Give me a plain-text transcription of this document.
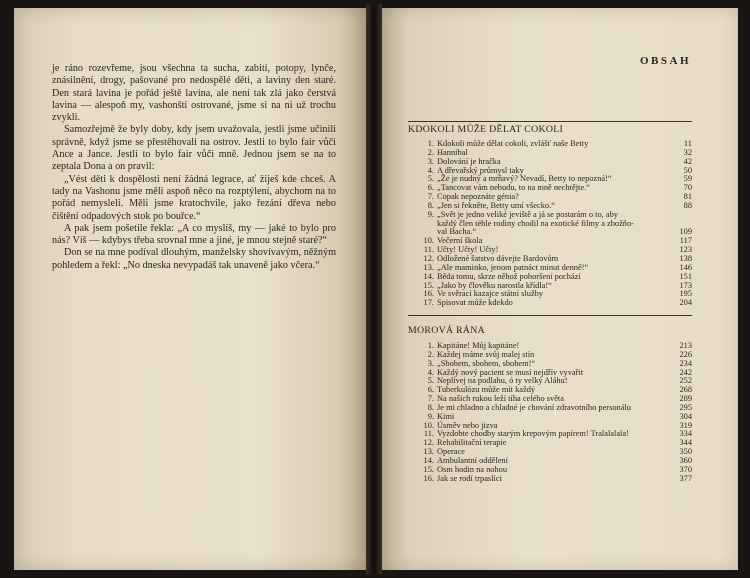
je ráno rozevřeme, jsou všechna ta sucha, zabití, potopy, lynče, znásilnění, drogy, pašované pro nedospělé děti, a laviny den staré. Den stará lavina je pořád ještě lavina, ale není tak zlá jako čerstvá lavina — alespoň my, vashonští ostrované, jsme si na ni už trochu zvykli.

Samozřejmě že byly doby, kdy jsem uvažovala, jestli jsme učinili správně, když jsme se přestěhovali na ostrov. Jestli to bylo fair vůči Ance a Jance. Jestli to bylo fair vůči mně. Jednou jsem se na to zeptala Dona a on pravil:

„Vést děti k dospělosti není žádná legrace, ať žiješ kde chceš. A tady na Vashonu jsme měli aspoň něco na rozptýlení, abychom na to pořád nemysleli. Měli jsme kratochvíle, jako řezání dřeva nebo čištění odpadových stok po bouřce.“

A pak jsem pošetile řekla: „A co myslíš, my — jaké to bylo pro nás? Víš — kdybys třeba srovnal mne a jiné, je mnou stejně staré?“

Don se na mne podíval dlouhým, manželsky shovívavým, něžným pohledem a řekl: „No dneska nevypadáš tak unaveně jako včera.“

OBSAH
KDOKOLI MŮŽE DĚLAT COKOLI
1. Kdokoli může dělat cokoli, zvlášť naše Betty	11
2. Hannibal	32
3. Dolování je hračka	42
4. A dřevařský průmysl taky	50
5. „Že je nudný a mrňavý? Nevadí, Betty to nepozná!“	59
6. „Tancovat vám nebudu, to na mně nechtějte.“	70
7. Copak nepoznáte génia?	81
8. „Jen si řekněte, Betty umí všecko.“	88
9. „Svět je jedno veliké jeviště a já se postarám o to, aby
každý člen téhle rodiny chodil na exotické filmy a zbožňo-
val Bacha.“	109
10. Večerní škola	117
11. Učty! Učty! Učty!	123
12. Odložené šatstvo dávejte Bardovům	138
13. „Ale maminko, jenom patnáct minut denně!“	146
14. Běda tomu, skrze něhož pohoršení pochází	151
15. „Jako by člověku narostla křídla!“	173
16. Ve svěrací kazajce státní služby	195
17. Spisovat může kdekdo	204
MOROVÁ RÁNA
1. Kapitáne! Můj kapitáne!	213
2. Každej máme svůj malej stín	226
3. „Sbohem, sbohem, sbohem!“	234
4. Každý nový pacient se musí nejdřív vyvařit	242
5. Neplivej na podlahu, ó ty velký Aláhu!	252
6. Tuberkulózu může mít každý	268
7. Na našich rukou leží tíha celého světa	289
8. Je mi chladno a chladné je chování zdravotního personálu	295
9. Kimi	304
10. Úsměv nebo jizva	319
11. Vyzdobte chodby starým krepovým papírem! Tralalalala!	334
12. Rehabilitační terapie	344
13. Operace	350
14. Ambulantní oddělení	360
15. Osm hodin na nohou	370
16. Jak se rodí trpaslíci	377
